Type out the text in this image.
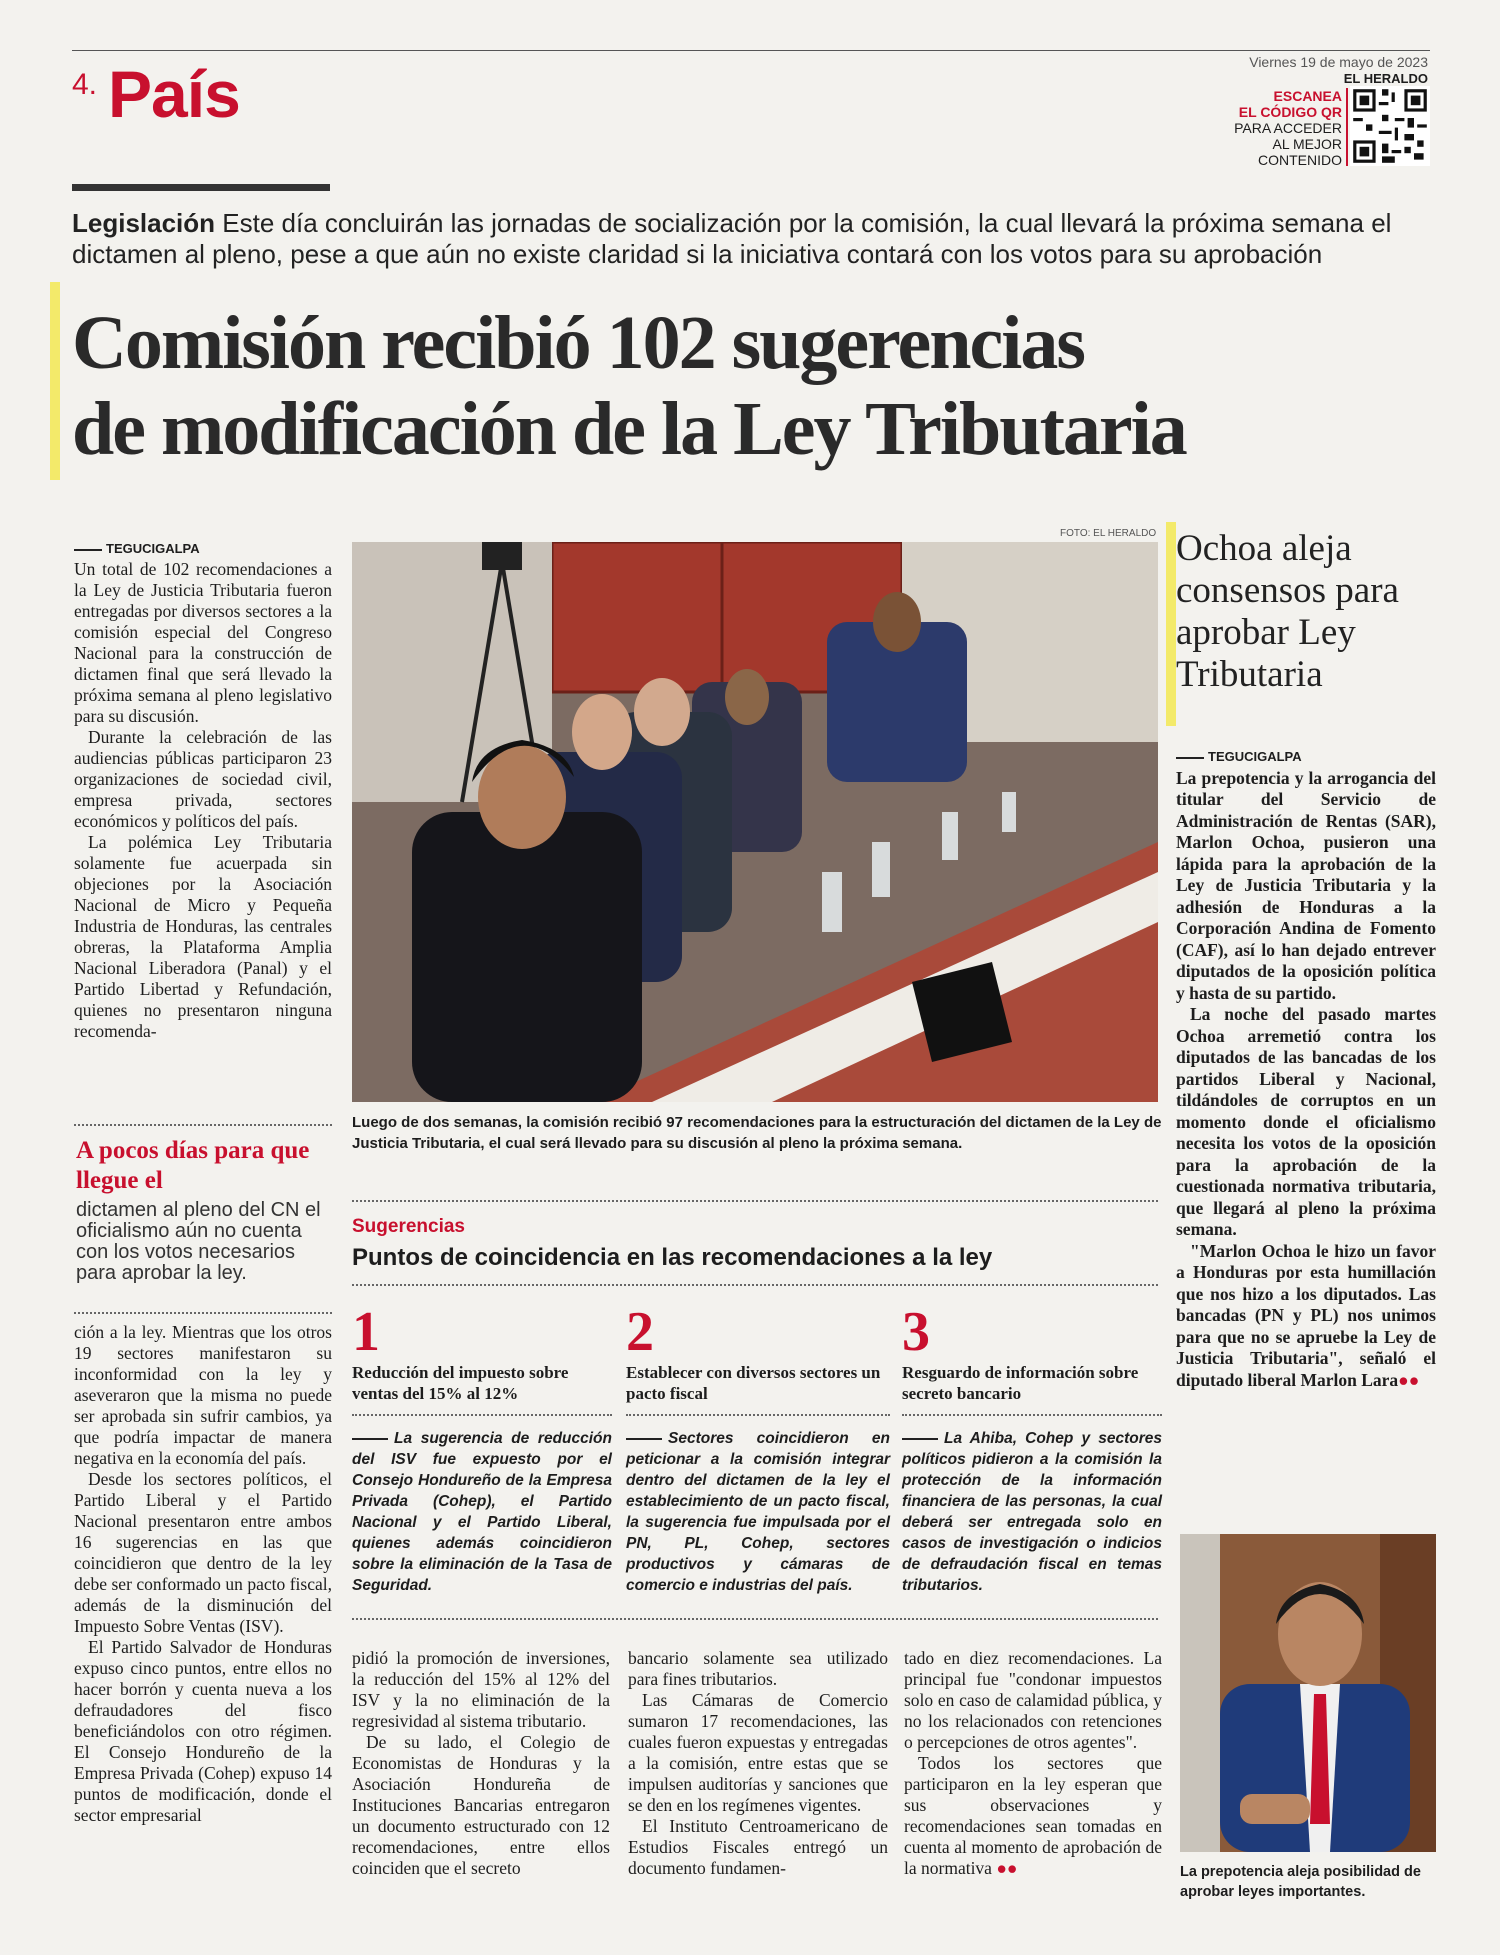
4. País	Viernes 19 de mayo de 2023
EL HERALDO
ESCANEA
EL CÓDIGO QR
PARA ACCEDER
AL MEJOR
CONTENIDO
Legislación Este día concluirán las jornadas de socialización por la comisión, la cual llevará la próxima semana el dictamen al pleno, pese a que aún no existe claridad si la iniciativa contará con los votos para su aprobación
Comisión recibió 102 sugerencias
de modificación de la Ley Tributaria
TEGUCIGALPA

Un total de 102 recomendaciones a la Ley de Justicia Tributaria fueron entregadas por diversos sectores a la comisión especial del Congreso Nacional para la construcción de dictamen final que será llevado la próxima semana al pleno legislativo para su discusión.

Durante la celebración de las audiencias públicas participaron 23 organizaciones de sociedad civil, empresa privada, sectores económicos y políticos del país.

La polémica Ley Tributaria solamente fue acuerpada sin objeciones por la Asociación Nacional de Micro y Pequeña Industria de Honduras, las centrales obreras, la Plataforma Amplia Nacional Liberadora (Panal) y el Partido Libertad y Refundación, quienes no presentaron ninguna recomenda-

A pocos días para que llegue el
dictamen al pleno del CN el oficialismo aún no cuenta con los votos necesarios para aprobar la ley.

ción a la ley. Mientras que los otros 19 sectores manifestaron su inconformidad con la ley y aseveraron que la misma no puede ser aprobada sin sufrir cambios, ya que podría impactar de manera negativa en la economía del país.

Desde los sectores políticos, el Partido Liberal y el Partido Nacional presentaron entre ambos 16 sugerencias en las que coincidieron que dentro de la ley debe ser conformado un pacto fiscal, además de la disminución del Impuesto Sobre Ventas (ISV).

El Partido Salvador de Honduras expuso cinco puntos, entre ellos no hacer borrón y cuenta nueva a los defraudadores del fisco beneficiándolos con otro régimen. El Consejo Hondureño de la Empresa Privada (Cohep) expuso 14 puntos de modificación, donde el sector empresarial

FOTO: EL HERALDO
Luego de dos semanas, la comisión recibió 97 recomendaciones para la estructuración del dictamen de la Ley de Justicia Tributaria, el cual será llevado para su discusión al pleno la próxima semana.
Sugerencias
Puntos de coincidencia en las recomendaciones a la ley
1
Reducción del impuesto sobre ventas del 15% al 12%
La sugerencia de reducción del ISV fue expuesto por el Consejo Hondureño de la Empresa Privada (Cohep), el Partido Nacional y el Partido Liberal, quienes además coincidieron sobre la eliminación de la Tasa de Seguridad.
2
Establecer con diversos sectores un pacto fiscal
Sectores coincidieron en peticionar a la comisión integrar dentro del dictamen de la ley el establecimiento de un pacto fiscal, la sugerencia fue impulsada por el PN, PL, Cohep, sectores productivos y cámaras de comercio e industrias del país.
3
Resguardo de información sobre secreto bancario
La Ahiba, Cohep y sectores políticos pidieron a la comisión la protección de la información financiera de las personas, la cual deberá ser entregada solo en casos de investigación o indicios de defraudación fiscal en temas tributarios.

pidió la promoción de inversiones, la reducción del 15% al 12% del ISV y la no eliminación de la regresividad al sistema tributario.

De su lado, el Colegio de Economistas de Honduras y la Asociación Hondureña de Instituciones Bancarias entregaron un documento estructurado con 12 recomendaciones, entre ellos coinciden que el secreto

bancario solamente sea utilizado para fines tributarios.

Las Cámaras de Comercio sumaron 17 recomendaciones, las cuales fueron expuestas y entregadas a la comisión, entre estas que se impulsen auditorías y sanciones que se den en los regímenes vigentes.

El Instituto Centroamericano de Estudios Fiscales entregó un documento fundamen-

tado en diez recomendaciones. La principal fue "condonar impuestos solo en caso de calamidad pública, y no los relacionados con retenciones o percepciones de otros agentes".

Todos los sectores que participaron en la ley esperan que sus observaciones y recomendaciones sean tomadas en cuenta al momento de aprobación de la normativa ●●

Ochoa aleja consensos para aprobar Ley Tributaria
TEGUCIGALPA

La prepotencia y la arrogancia del titular del Servicio de Administración de Rentas (SAR), Marlon Ochoa, pusieron una lápida para la aprobación de la Ley de Justicia Tributaria y la adhesión de Honduras a la Corporación Andina de Fomento (CAF), así lo han dejado entrever diputados de la oposición política y hasta de su partido.

La noche del pasado martes Ochoa arremetió contra los diputados de las bancadas de los partidos Liberal y Nacional, tildándoles de corruptos en un momento donde el oficialismo necesita los votos de la oposición para la aprobación de la cuestionada normativa tributaria, que llegará al pleno la próxima semana.

"Marlon Ochoa le hizo un favor a Honduras por esta humillación que nos hizo a los diputados. Las bancadas (PN y PL) nos unimos para que no se apruebe la Ley de Justicia Tributaria", señaló el diputado liberal Marlon Lara●●

La prepotencia aleja posibilidad de aprobar leyes importantes.
